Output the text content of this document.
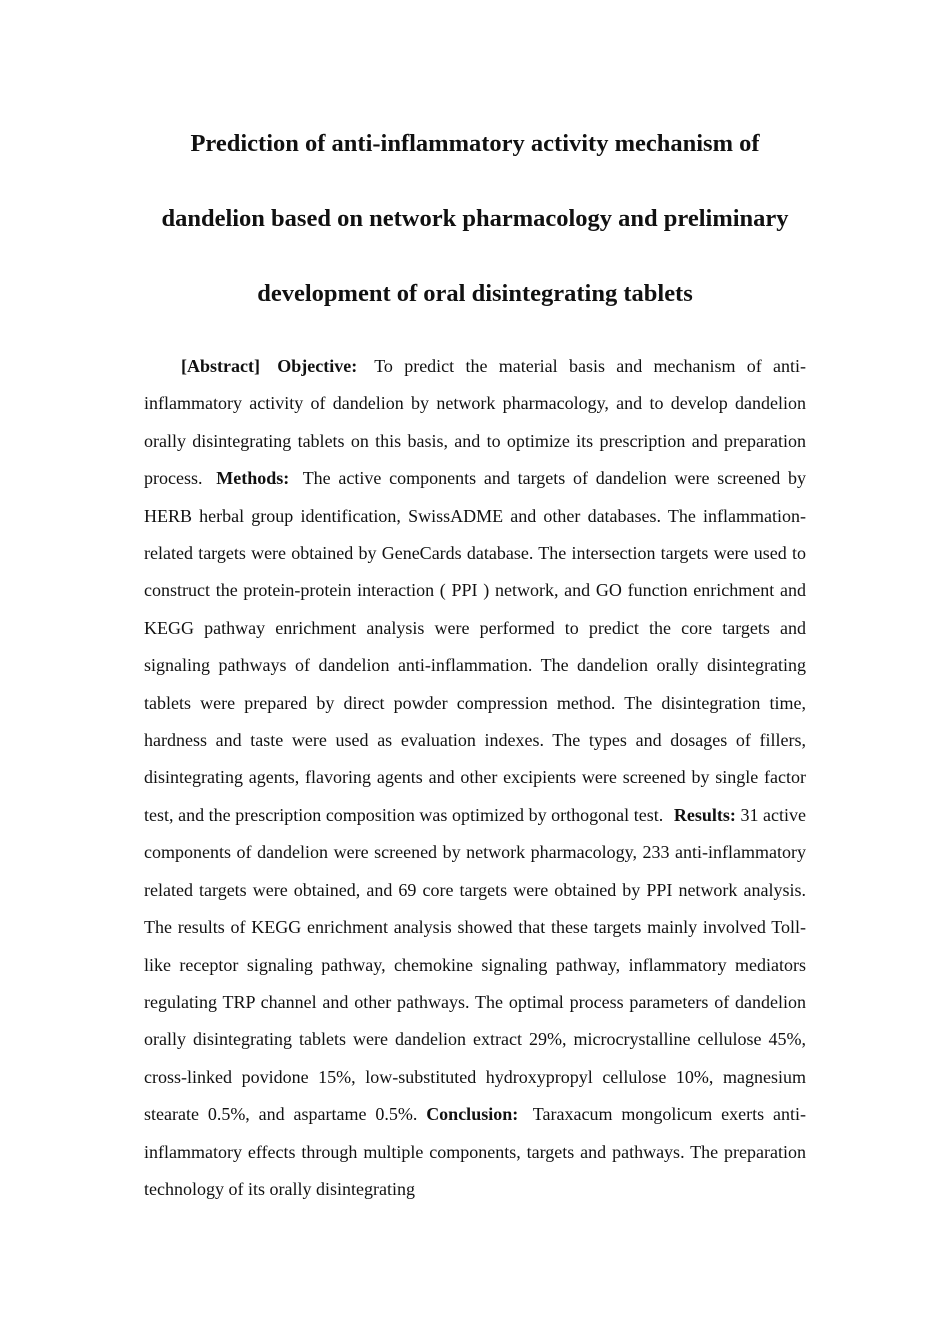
Prediction of anti-inflammatory activity mechanism of
dandelion based on network pharmacology and preliminary
development of oral disintegrating tablets

[Abstract] Objective: To predict the material basis and mechanism of anti-inflammatory activity of dandelion by network pharmacology, and to develop dandelion orally disintegrating tablets on this basis, and to optimize its prescription and preparation process. Methods: The active components and targets of dandelion were screened by HERB herbal group identification, SwissADME and other databases. The inflammation-related targets were obtained by GeneCards database. The intersection targets were used to construct the protein-protein interaction ( PPI ) network, and GO function enrichment and KEGG pathway enrichment analysis were performed to predict the core targets and signaling pathways of dandelion anti-inflammation. The dandelion orally disintegrating tablets were prepared by direct powder compression method. The disintegration time, hardness and taste were used as evaluation indexes. The types and dosages of fillers, disintegrating agents, flavoring agents and other excipients were screened by single factor test, and the prescription composition was optimized by orthogonal test. Results: 31 active components of dandelion were screened by network pharmacology, 233 anti-inflammatory related targets were obtained, and 69 core targets were obtained by PPI network analysis. The results of KEGG enrichment analysis showed that these targets mainly involved Toll-like receptor signaling pathway, chemokine signaling pathway, inflammatory mediators regulating TRP channel and other pathways. The optimal process parameters of dandelion orally disintegrating tablets were dandelion extract 29%, microcrystalline cellulose 45%, cross-linked povidone 15%, low-substituted hydroxypropyl cellulose 10%, magnesium stearate 0.5%, and aspartame 0.5%. Conclusion: Taraxacum mongolicum exerts anti-inflammatory effects through multiple components, targets and pathways. The preparation technology of its orally disintegrating
